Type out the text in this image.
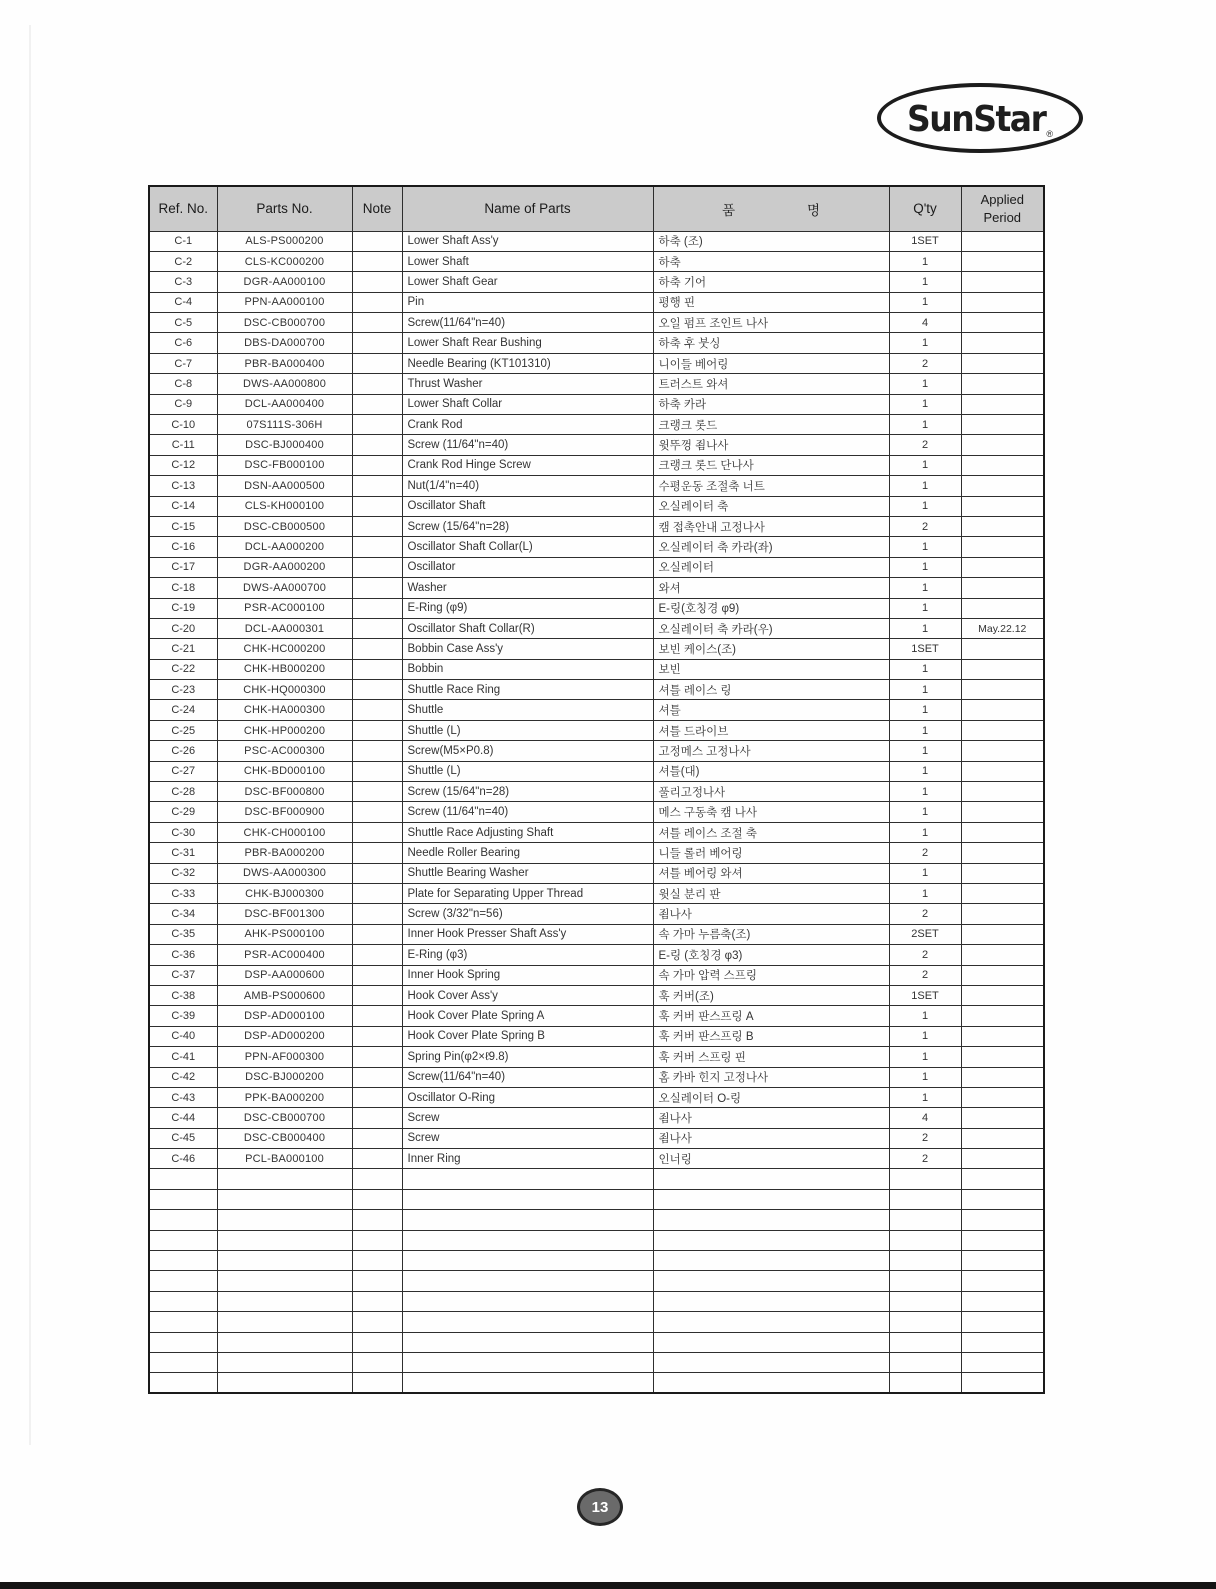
SunStar ®
Ref. No.	Parts No.	Note	Name of Parts	품 명	Q'ty	Applied Period
C-1	ALS-PS000200		Lower Shaft Ass'y	하축 (조)	1SET	
C-2	CLS-KC000200		Lower Shaft	하축	1	
C-3	DGR-AA000100		Lower Shaft Gear	하축 기어	1	
C-4	PPN-AA000100		Pin	평행 핀	1	
C-5	DSC-CB000700		Screw(11/64"n=40)	오일 펌프 조인트 나사	4	
C-6	DBS-DA000700		Lower Shaft Rear Bushing	하축 후 붓싱	1	
C-7	PBR-BA000400		Needle Bearing (KT101310)	니이들 베어링	2	
C-8	DWS-AA000800		Thrust Washer	트러스트 와셔	1	
C-9	DCL-AA000400		Lower Shaft Collar	하축 카라	1	
C-10	07S111S-306H		Crank Rod	크랭크 롯드	1	
C-11	DSC-BJ000400		Screw (11/64"n=40)	윗뚜껑 죔나사	2	
C-12	DSC-FB000100		Crank Rod Hinge Screw	크랭크 롯드 단나사	1	
C-13	DSN-AA000500		Nut(1/4"n=40)	수평운동 조절축 너트	1	
C-14	CLS-KH000100		Oscillator Shaft	오실레이터 축	1	
C-15	DSC-CB000500		Screw (15/64"n=28)	캠 접촉안내 고정나사	2	
C-16	DCL-AA000200		Oscillator Shaft Collar(L)	오실레이터 축 카라(좌)	1	
C-17	DGR-AA000200		Oscillator	오실레이터	1	
C-18	DWS-AA000700		Washer	와셔	1	
C-19	PSR-AC000100		E-Ring (φ9)	E-링(호칭경 φ9)	1	
C-20	DCL-AA000301		Oscillator Shaft Collar(R)	오실레이터 축 카라(우)	1	May.22.12
C-21	CHK-HC000200		Bobbin Case Ass'y	보빈 케이스(조)	1SET	
C-22	CHK-HB000200		Bobbin	보빈	1	
C-23	CHK-HQ000300		Shuttle Race Ring	셔틀 레이스 링	1	
C-24	CHK-HA000300		Shuttle	셔틀	1	
C-25	CHK-HP000200		Shuttle (L)	셔틀 드라이브	1	
C-26	PSC-AC000300		Screw(M5×P0.8)	고정메스 고정나사	1	
C-27	CHK-BD000100		Shuttle (L)	셔틀(대)	1	
C-28	DSC-BF000800		Screw (15/64"n=28)	풀리고정나사	1	
C-29	DSC-BF000900		Screw (11/64"n=40)	메스 구동축 캠 나사	1	
C-30	CHK-CH000100		Shuttle Race Adjusting Shaft	셔틀 레이스 조절 축	1	
C-31	PBR-BA000200		Needle Roller Bearing	니들 롤러 베어링	2	
C-32	DWS-AA000300		Shuttle Bearing Washer	셔틀 베어링 와셔	1	
C-33	CHK-BJ000300		Plate for Separating Upper Thread	윗실 분리 판	1	
C-34	DSC-BF001300		Screw (3/32"n=56)	죔나사	2	
C-35	AHK-PS000100		Inner Hook Presser Shaft Ass'y	속 가마 누름축(조)	2SET	
C-36	PSR-AC000400		E-Ring (φ3)	E-링 (호칭경 φ3)	2	
C-37	DSP-AA000600		Inner Hook Spring	속 가마 압력 스프링	2	
C-38	AMB-PS000600		Hook Cover Ass'y	훅 커버(조)	1SET	
C-39	DSP-AD000100		Hook Cover Plate Spring A	훅 커버 판스프링 A	1	
C-40	DSP-AD000200		Hook Cover Plate Spring B	훅 커버 판스프링 B	1	
C-41	PPN-AF000300		Spring Pin(φ2×ℓ9.8)	훅 커버 스프링 핀	1	
C-42	DSC-BJ000200		Screw(11/64"n=40)	홈 카바 힌지 고정나사	1	
C-43	PPK-BA000200		Oscillator O-Ring	오실레이터 O-링	1	
C-44	DSC-CB000700		Screw	죔나사	4	
C-45	DSC-CB000400		Screw	죔나사	2	
C-46	PCL-BA000100		Inner Ring	인너링	2	

13
